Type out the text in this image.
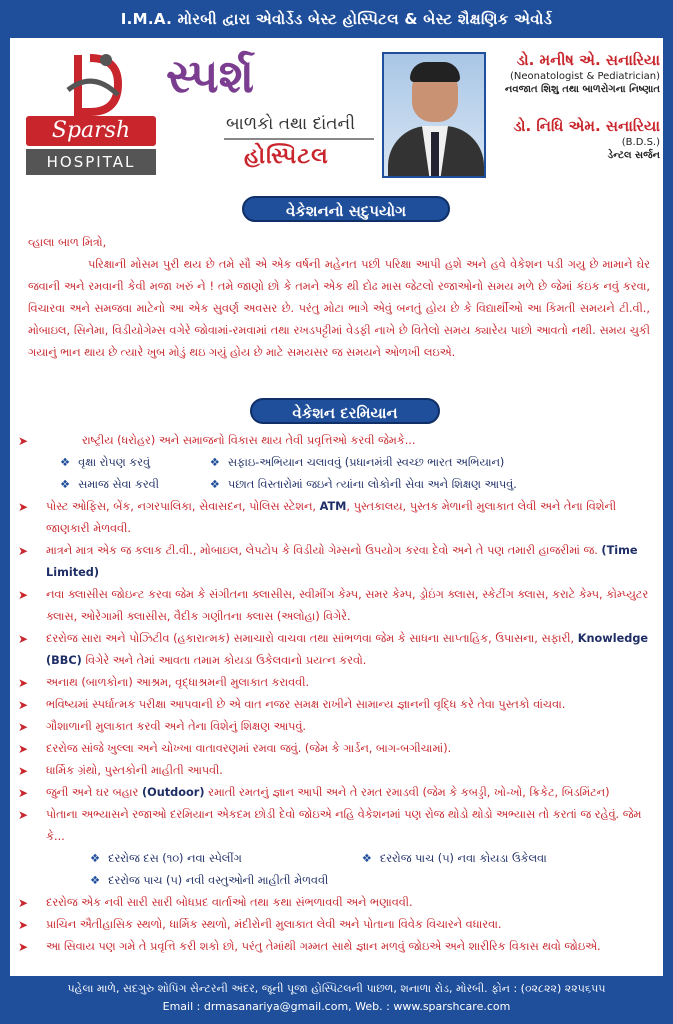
I.M.A. મોરબી દ્વારા એવોર્ડેડ બેસ્ટ હોસ્પિટલ & બેસ્ટ શૈક્ષણિક એવોર્ડ
Sparsh
HOSPITAL
સ્પર્શ
બાળકો તથા દાંતની
હોસ્પિટલ
ડો. મનીષ એ. સનારિયા
(Neonatologist & Pediatrician)
નવજાત શિશુ તથા બાળરોગના નિષ્ણાત
ડો. નિધિ એમ. સનારિયા
(B.D.S.)
ડેન્ટલ સર્જન
વેકેશનનો સદુપયોગ
વ્હાલા બાળ મિત્રો,

પરિક્ષાની મોસમ પુરી થય છે તમે સૌ એ એક વર્ષની મહેનત પછી પરિક્ષા આપી હશે અને હવે વેકેશન પડી ગયુ છે મામાને ઘેર જવાની અને રમવાની કેવી મજા ખરું ને ! તમે જાણો છો કે તમને એક થી દોઢ માસ જેટલો રજાઓનો સમય મળે છે જેમાં કંઇક નવું કરવા, વિચારવા અને સમજવા માટેનો આ એક સુવર્ણ અવસર છે. પરંતુ મોટા ભાગે એવું બનતું હોય છે કે વિદ્યાર્થીઓ આ કિમતી સમયને ટી.વી., મોબાઇલ, સિનેમા, વિડીયોગેમ્સ વગેરે જોવામાં-રમવામાં તથા રખડપટ્ટીમાં વેડફી નાખે છે વિતેલો સમય ક્યારેય પાછો આવતો નથી. સમય ચુકી ગયાનું ભાન થાય છે ત્યારે ખુબ મોડું થઇ ગયું હોય છે માટે સમયસર જ સમયને ઓળખી લઇએ.

વેકેશન દરમિયાન
➤	રાષ્ટ્રીય (ધરોહર) અને સમાજનો વિકાસ થાય તેવી પ્રવૃત્તિઓ કરવી જેમકે...
❖ વૃક્ષા રોપણ કરવું	❖ સફાઇ-અભિયાન ચલાવવું (પ્રધાનમંત્રી સ્વચ્છ ભારત અભિયાન)
❖ સમાજ સેવા કરવી	❖ પછાત વિસ્તારોમાં જઇને ત્યાંના લોકોની સેવા અને શિક્ષણ આપવું.
➤ પોસ્ટ ઓફિસ, બેંક, નગરપાલિકા, સેવાસદન, પોલિસ સ્ટેશન, ATM, પુસ્તકાલય, પુસ્તક મેળાની મુલાકાત લેવી અને તેના વિશેની જાણકારી મેળવવી.
➤ માત્રને માત્ર એક જ કલાક ટી.વી., મોબાઇલ, લેપટોપ કે વિડીયો ગેમ્સનો ઉપયોગ કરવા દેવો અને તે પણ તમારી હાજરીમાં જ. (Time Limited)
➤ નવા ક્લાસીસ જોઇન્ટ કરવા જેમ કે સંગીતના ક્લાસીસ, સ્વીમીંગ કેમ્પ, સમર કેમ્પ, ડ્રોઇંગ ક્લાસ, સ્કેટીંગ ક્લાસ, કરાટે કેમ્પ, કોમ્પ્યુટર ક્લાસ, ઓરેગામી ક્લાસીસ, વૈદીક ગણીતના ક્લાસ (અલોહા) વિગેરે.
➤ દરરોજ સારા અને પોઝિટીવ (હકારાત્મક) સમાચારો વાચવા તથા સાંભળવા જેમ કે સાધના સાપ્તાહિક, ઉપાસના, સફારી, Knowledge (BBC) વિગેરે અને તેમાં આવતા તમામ કોયડા ઉકેલવાનો પ્રયત્ન કરવો.
➤ અનાથ (બાળકોના) આશ્રમ, વૃદ્ધાશ્રમની મુલાકાત કરાવવી.
➤ ભવિષ્યમાં સ્પર્ધાત્મક પરીક્ષા આપવાની છે એ વાત નજર સમક્ષ રાખીને સામાન્ય જ્ઞાનની વૃદ્ધિ કરે તેવા પુસ્તકો વાંચવા.
➤ ગૌશાળાની મુલાકાત કરવી અને તેના વિશેનું શિક્ષણ આપવું.
➤ દરરોજ સાંજે ખુલ્લા અને ચોખ્ખા વાતાવરણમાં રમવા જવું. (જેમ કે ગાર્ડન, બાગ-બગીચામાં).
➤ ધાર્મિક ગ્રંથો, પુસ્તકોની માહીતી આપવી.
➤ જુની અને ઘર બહાર (Outdoor) રમાતી રમતનું જ્ઞાન આપી અને તે રમત રમાડવી (જેમ કે કબડ્ડી, ખો-ખો, ક્રિકેટ, બિડમિંટન)
➤ પોતાના અભ્યાસને રજાઓ દરમિયાન એકદમ છોડી દેવો જોઇએ નહિ વેકેશનમાં પણ રોજ થોડો થોડો અભ્યાસ તો કરતાં જ રહેવું. જેમ કે...
❖ દરરોજ દસ (૧૦) નવા સ્પેલીંગ	❖ દરરોજ પાચ (૫) નવા કોયડા ઉકેલવા
❖ દરરોજ પાચ (૫) નવી વસ્તુઓની માહીતી મેળવવી
➤ દરરોજ એક નવી સારી સારી બોધપ્રદ વાર્તાઓ તથા કથા સંભળાવવી અને ભણાવવી.
➤ પ્રાચિન ઐતીહાસિક સ્થળો, ધાર્મિક સ્થળો, મંદીરોની મુલાકાત લેવી અને પોતાના વિવેક વિચારને વધારવા.
➤ આ સિવાય પણ ગમે તે પ્રવૃત્તિ કરી શકો છો, પરંતુ તેમાંથી ગમ્મત સાથે જ્ઞાન મળવું જોઇએ અને શારીરિક વિકાસ થવો જોઇએ.
પહેલા માળે, સદગુરુ શોપિંગ સેન્ટરની અંદર, જૂની પૂજા હોસ્પિટલની પાછળ, શનાળા રોડ, મોરબી. ફોન : (૦૨૮૨૨) ૨૨૫૬૫૫
Email : drmasanariya@gmail.com, Web. : www.sparshcare.com
